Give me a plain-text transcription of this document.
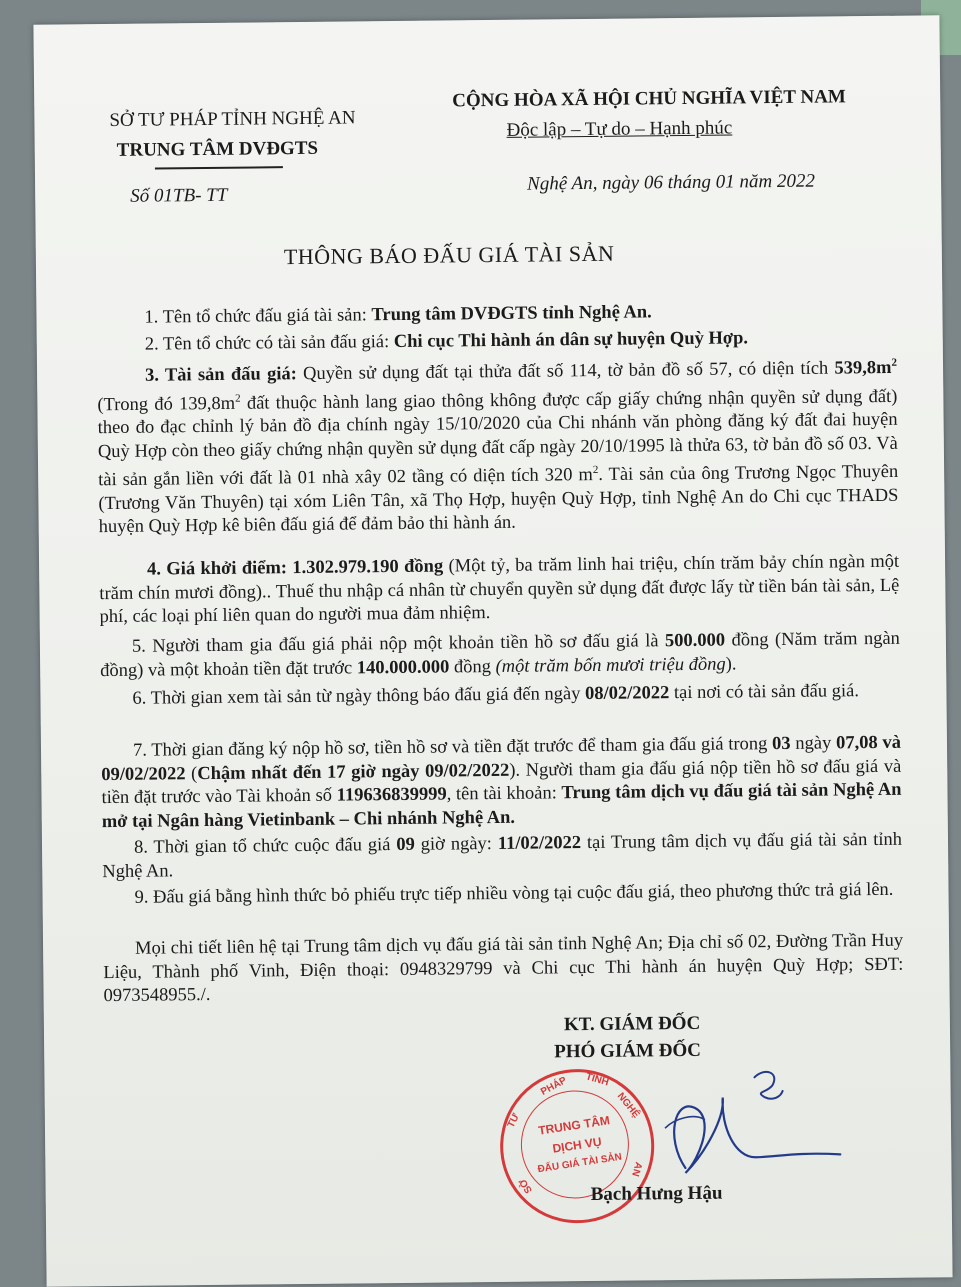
SỞ TƯ PHÁP TỈNH NGHỆ AN
TRUNG TÂM DVĐGTS
Số 01TB- TT
CỘNG HÒA XÃ HỘI CHỦ NGHĨA VIỆT NAM
Độc lập – Tự do – Hạnh phúc
Nghệ An, ngày 06 tháng 01 năm 2022
THÔNG BÁO ĐẤU GIÁ TÀI SẢN
1. Tên tổ chức đấu giá tài sản: Trung tâm DVĐGTS tỉnh Nghệ An.
2. Tên tổ chức có tài sản đấu giá: Chi cục Thi hành án dân sự huyện Quỳ Hợp.

3. Tài sản đấu giá: Quyền sử dụng đất tại thửa đất số 114, tờ bản đồ số 57, có diện tích $539,8m^2$ (Trong đó $139,8m^2$ đất thuộc hành lang giao thông không được cấp giấy chứng nhận quyền sử dụng đất) theo đo đạc chỉnh lý bản đồ địa chính ngày 15/10/2020 của Chi nhánh văn phòng đăng ký đất đai huyện Quỳ Hợp còn theo giấy chứng nhận quyền sử dụng đất cấp ngày 20/10/1995 là thửa 63, tờ bản đồ số 03. Và tài sản gắn liền với đất là 01 nhà xây 02 tầng có diện tích 320 $m^2$. Tài sản của ông Trương Ngọc Thuyên (Trương Văn Thuyên) tại xóm Liên Tân, xã Thọ Hợp, huyện Quỳ Hợp, tỉnh Nghệ An do Chi cục THADS huyện Quỳ Hợp kê biên đấu giá để đảm bảo thi hành án.

4. Giá khởi điểm: 1.302.979.190 đồng (Một tỷ, ba trăm linh hai triệu, chín trăm bảy chín ngàn một trăm chín mươi đồng).. Thuế thu nhập cá nhân từ chuyển quyền sử dụng đất được lấy từ tiền bán tài sản, Lệ phí, các loại phí liên quan do người mua đảm nhiệm.

5. Người tham gia đấu giá phải nộp một khoản tiền hồ sơ đấu giá là 500.000 đồng (Năm trăm ngàn đồng) và một khoản tiền đặt trước 140.000.000 đồng (một trăm bốn mươi triệu đồng).

6. Thời gian xem tài sản từ ngày thông báo đấu giá đến ngày 08/02/2022 tại nơi có tài sản đấu giá.

7. Thời gian đăng ký nộp hồ sơ, tiền hồ sơ và tiền đặt trước để tham gia đấu giá trong 03 ngày 07,08 và 09/02/2022 (Chậm nhất đến 17 giờ ngày 09/02/2022). Người tham gia đấu giá nộp tiền hồ sơ đấu giá và tiền đặt trước vào Tài khoản số 119636839999, tên tài khoản: Trung tâm dịch vụ đấu giá tài sản Nghệ An mở tại Ngân hàng Vietinbank – Chi nhánh Nghệ An.

8. Thời gian tổ chức cuộc đấu giá 09 giờ ngày: 11/02/2022 tại Trung tâm dịch vụ đấu giá tài sản tỉnh Nghệ An.

9. Đấu giá bằng hình thức bỏ phiếu trực tiếp nhiều vòng tại cuộc đấu giá, theo phương thức trả giá lên.

Mọi chi tiết liên hệ tại Trung tâm dịch vụ đấu giá tài sản tỉnh Nghệ An; Địa chỉ số 02, Đường Trần Huy Liệu, Thành phố Vinh, Điện thoại: 0948329799 và Chi cục Thi hành án huyện Quỳ Hợp; SĐT: 0973548955./.

KT. GIÁM ĐỐC
PHÓ GIÁM ĐỐC
PHÁP TỈNH
TƯ
NGHỆ
SỞ
AN
TRUNG TÂM
DỊCH VỤ
ĐẤU GIÁ TÀI SẢN
Bạch Hưng Hậu
